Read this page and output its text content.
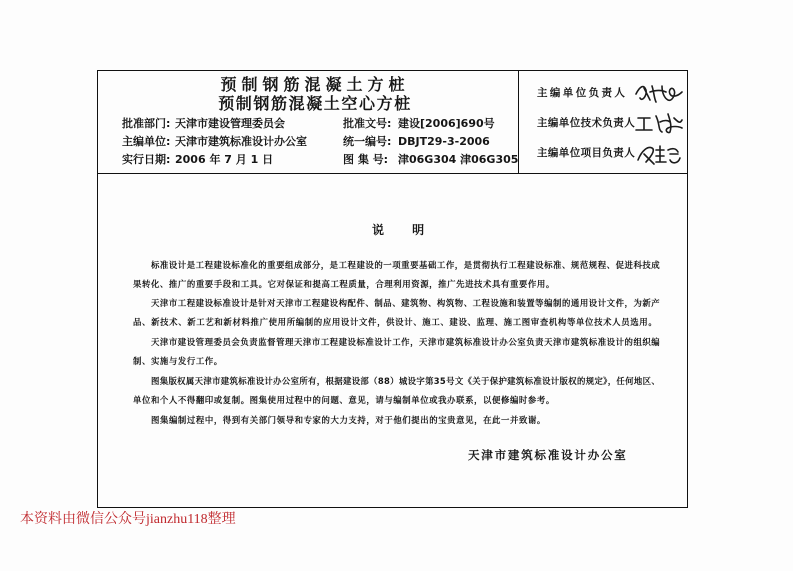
预制钢筋混凝土方桩
预制钢筋混凝土空心方桩
批准部门: 天津市建设管理委员会
主编单位: 天津市建筑标准设计办公室
实行日期: 2006 年 7 月 1 日
批准文号: 建设[2006]690号
统一编号: DBJT29-3-2006
图 集 号: 津06G304 津06G305
主编单位负责人
主编单位技术负责人
主编单位项目负责人
说 明
标准设计是工程建设标准化的重要组成部分，是工程建设的一项重要基础工作，是贯彻执行工程建设标准、规范规程、促进科技成
果转化、推广的重要手段和工具。它对保证和提高工程质量，合理利用资源，推广先进技术具有重要作用。
天津市工程建设标准设计是针对天津市工程建设构配件、制品、建筑物、构筑物、工程设施和装置等编制的通用设计文件，为新产
品、新技术、新工艺和新材料推广使用所编制的应用设计文件，供设计、施工、建设、监理、施工图审查机构等单位技术人员选用。
天津市建设管理委员会负责监督管理天津市工程建设标准设计工作，天津市建筑标准设计办公室负责天津市建筑标准设计的组织编
制、实施与发行工作。
图集版权属天津市建筑标准设计办公室所有，根据建设部（88）城设字第35号文《关于保护建筑标准设计版权的规定》，任何地区、
单位和个人不得翻印或复制。图集使用过程中的问题、意见，请与编制单位或我办联系，以便修编时参考。
图集编制过程中，得到有关部门领导和专家的大力支持，对于他们提出的宝贵意见，在此一并致谢。
天津市建筑标准设计办公室
本资料由微信公众号jianzhu118整理
